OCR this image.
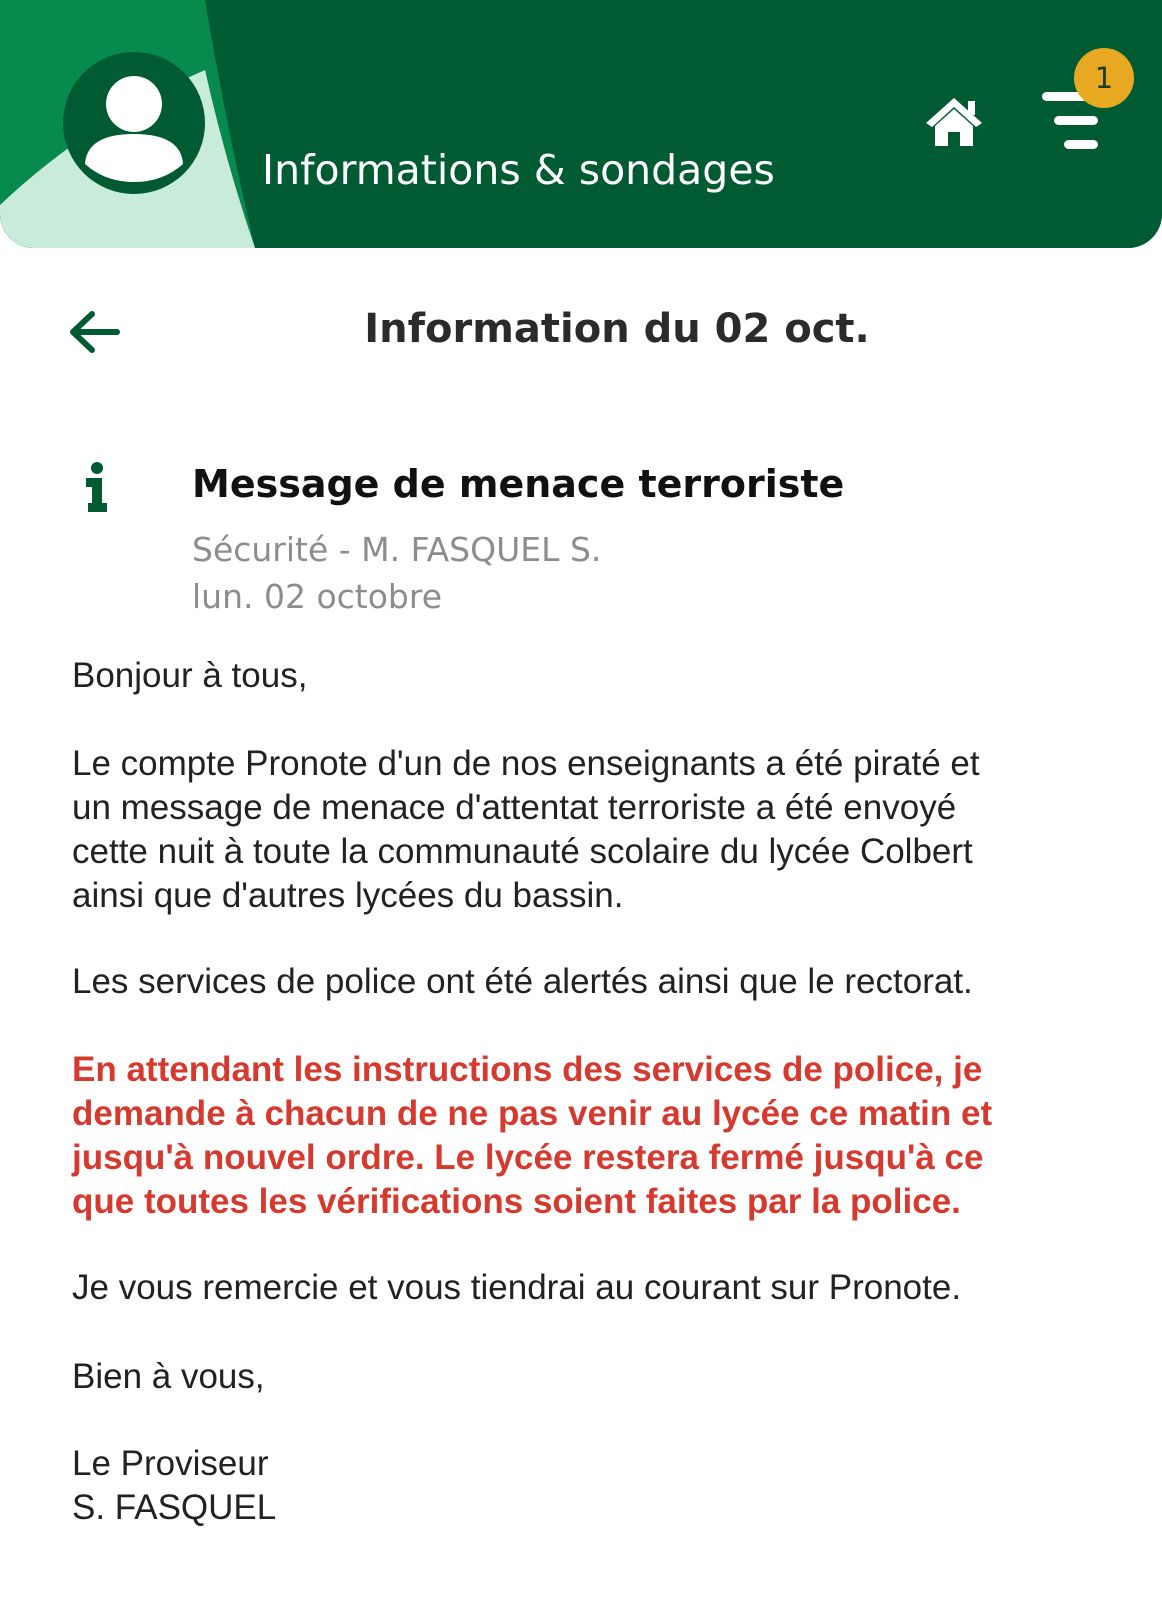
Informations & sondages
1
Information du 02 oct.
Message de menace terroriste
Sécurité - M. FASQUEL S.
lun. 02 octobre
Bonjour à tous,
Le compte Pronote d'un de nos enseignants a été piraté et
un message de menace d'attentat terroriste a été envoyé
cette nuit à toute la communauté scolaire du lycée Colbert
ainsi que d'autres lycées du bassin.
Les services de police ont été alertés ainsi que le rectorat.
En attendant les instructions des services de police, je
demande à chacun de ne pas venir au lycée ce matin et
jusqu'à nouvel ordre. Le lycée restera fermé jusqu'à ce
que toutes les vérifications soient faites par la police.
Je vous remercie et vous tiendrai au courant sur Pronote.
Bien à vous,
Le Proviseur
S. FASQUEL
